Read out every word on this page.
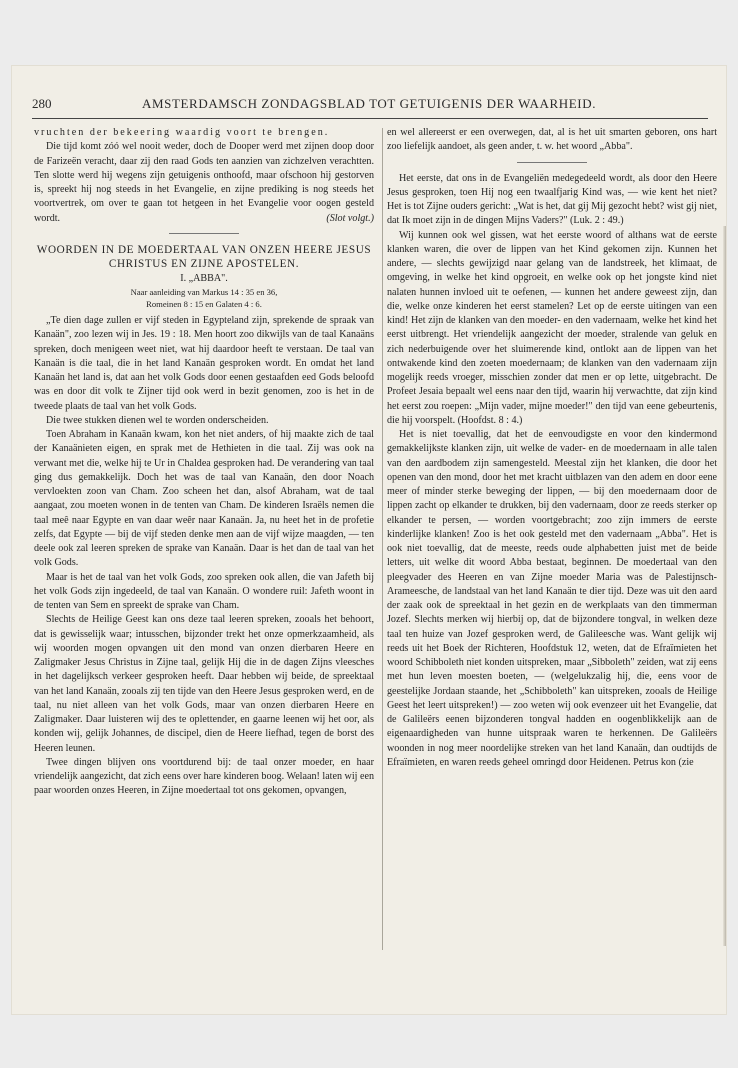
280	AMSTERDAMSCH ZONDAGSBLAD TOT GETUIGENIS DER WAARHEID.

vruchten der bekeering waardig voort te brengen.

Die tijd komt zóó wel nooit weder, doch de Dooper werd met zijnen doop door de Farizeën veracht, daar zij den raad Gods ten aanzien van zichzelven verachtten. Ten slotte werd hij wegens zijn getuigenis onthoofd, maar ofschoon hij gestorven is, spreekt hij nog steeds in het Evangelie, en zijne prediking is nog steeds het voortvertrek, om over te gaan tot hetgeen in het Evangelie voor oogen gesteld wordt.	(Slot volgt.)

WOORDEN IN DE MOEDERTAAL VAN ONZEN HEERE JESUS CHRISTUS EN ZIJNE APOSTELEN.
I. „ABBA".
Naar aanleiding van Markus 14 : 35 en 36,
Romeinen 8 : 15 en Galaten 4 : 6.

„Te dien dage zullen er vijf steden in Egypteland zijn, sprekende de spraak van Kanaän", zoo lezen wij in Jes. 19 : 18. Men hoort zoo dikwijls van de taal Kanaäns spreken, doch menigeen weet niet, wat hij daardoor heeft te verstaan. De taal van Kanaän is die taal, die in het land Kanaän gesproken wordt. En omdat het land Kanaän het land is, dat aan het volk Gods door eenen gestaafden eed Gods beloofd was en door dit volk te Zijner tijd ook werd in bezit genomen, zoo is het in de tweede plaats de taal van het volk Gods.

Die twee stukken dienen wel te worden onderscheiden.

Toen Abraham in Kanaän kwam, kon het niet anders, of hij maakte zich de taal der Kanaänieten eigen, en sprak met de Hethieten in die taal. Zij was ook na verwant met die, welke hij te Ur in Chaldea gesproken had. De verandering van taal ging dus gemakkelijk. Doch het was de taal van Kanaän, den door Noach vervloekten zoon van Cham. Zoo scheen het dan, alsof Abraham, wat de taal aangaat, zou moeten wonen in de tenten van Cham. De kinderen Israëls nemen die taal meê naar Egypte en van daar weêr naar Kanaän. Ja, nu heet het in de profetie zelfs, dat Egypte — bij de vijf steden denke men aan de vijf wijze maagden, — ten deele ook zal leeren spreken de sprake van Kanaän. Daar is het dan de taal van het volk Gods.

Maar is het de taal van het volk Gods, zoo spreken ook allen, die van Jafeth bij het volk Gods zijn ingedeeld, de taal van Kanaän. O wondere ruil: Jafeth woont in de tenten van Sem en spreekt de sprake van Cham.

Slechts de Heilige Geest kan ons deze taal leeren spreken, zooals het behoort, dat is gewisselijk waar; intusschen, bijzonder trekt het onze opmerkzaamheid, als wij woorden mogen opvangen uit den mond van onzen dierbaren Heere en Zaligmaker Jesus Christus in Zijne taal, gelijk Hij die in de dagen Zijns vleesches in het dagelijksch verkeer gesproken heeft. Daar hebben wij beide, de spreektaal van het land Kanaän, zooals zij ten tijde van den Heere Jesus gesproken werd, en de taal, nu niet alleen van het volk Gods, maar van onzen dierbaren Heere en Zaligmaker. Daar luisteren wij des te oplettender, en gaarne leenen wij het oor, als konden wij, gelijk Johannes, de discipel, dien de Heere liefhad, tegen de borst des Heeren leunen.

Twee dingen blijven ons voortdurend bij: de taal onzer moeder, en haar vriendelijk aangezicht, dat zich eens over hare kinderen boog. Welaan! laten wij een paar woorden onzes Heeren, in Zijne moedertaal tot ons gekomen, opvangen,

en wel allereerst er een overwegen, dat, al is het uit smarten geboren, ons hart zoo liefelijk aandoet, als geen ander, t. w. het woord „Abba".

Het eerste, dat ons in de Evangeliën medegedeeld wordt, als door den Heere Jesus gesproken, toen Hij nog een twaalfjarig Kind was, — wie kent het niet? Het is tot Zijne ouders gericht: „Wat is het, dat gij Mij gezocht hebt? wist gij niet, dat Ik moet zijn in de dingen Mijns Vaders?" (Luk. 2 : 49.)

Wij kunnen ook wel gissen, wat het eerste woord of althans wat de eerste klanken waren, die over de lippen van het Kind gekomen zijn. Kunnen het andere, — slechts gewijzigd naar gelang van de landstreek, het klimaat, de omgeving, in welke het kind opgroeit, en welke ook op het jongste kind niet nalaten hunnen invloed uit te oefenen, — kunnen het andere geweest zijn, dan die, welke onze kinderen het eerst stamelen? Let op de eerste uitingen van een kind! Het zijn de klanken van den moeder- en den vadernaam, welke het kind het eerst uitbrengt. Het vriendelijk aangezicht der moeder, stralende van geluk en zich nederbuigende over het sluimerende kind, ontlokt aan de lippen van het ontwakende kind den zoeten moedernaam; de klanken van den vadernaam zijn mogelijk reeds vroeger, misschien zonder dat men er op lette, uitgebracht. De Profeet Jesaia bepaalt wel eens naar den tijd, waarin hij verwachtte, dat zijn kind het eerst zou roepen: „Mijn vader, mijne moeder!" den tijd van eene gebeurtenis, die hij voorspelt. (Hoofdst. 8 : 4.)

Het is niet toevallig, dat het de eenvoudigste en voor den kindermond gemakkelijkste klanken zijn, uit welke de vader- en de moedernaam in alle talen van den aardbodem zijn samengesteld. Meestal zijn het klanken, die door het openen van den mond, door het met kracht uitblazen van den adem en door eene meer of minder sterke beweging der lippen, — bij den moedernaam door de lippen zacht op elkander te drukken, bij den vadernaam, door ze reeds sterker op elkander te persen, — worden voortgebracht; zoo zijn immers de eerste kinderlijke klanken! Zoo is het ook gesteld met den vadernaam „Abba". Het is ook niet toevallig, dat de meeste, reeds oude alphabetten juist met de beide letters, uit welke dit woord Abba bestaat, beginnen. De moedertaal van den pleegvader des Heeren en van Zijne moeder Maria was de Palestijnsch-Arameesche, de landstaal van het land Kanaän te dier tijd. Deze was uit den aard der zaak ook de spreektaal in het gezin en de werkplaats van den timmerman Jozef. Slechts merken wij hierbij op, dat de bijzondere tongval, in welken deze taal ten huize van Jozef gesproken werd, de Galileesche was. Want gelijk wij reeds uit het Boek der Richteren, Hoofdstuk 12, weten, dat de Efraïmieten het woord Schibboleth niet konden uitspreken, maar „Sibboleth" zeiden, wat zij eens met hun leven moesten boeten, — (welgelukzalig hij, die, eens voor de geestelijke Jordaan staande, het „Schibboleth" kan uitspreken, zooals de Heilige Geest het leert uitspreken!) — zoo weten wij ook evenzeer uit het Evangelie, dat de Galileërs eenen bijzonderen tongval hadden en oogenblikkelijk aan de eigenaardigheden van hunne uitspraak waren te herkennen. De Galileërs woonden in nog meer noordelijke streken van het land Kanaän, dan oudtijds de Efraïmieten, en waren reeds geheel omringd door Heidenen. Petrus kon (zie
